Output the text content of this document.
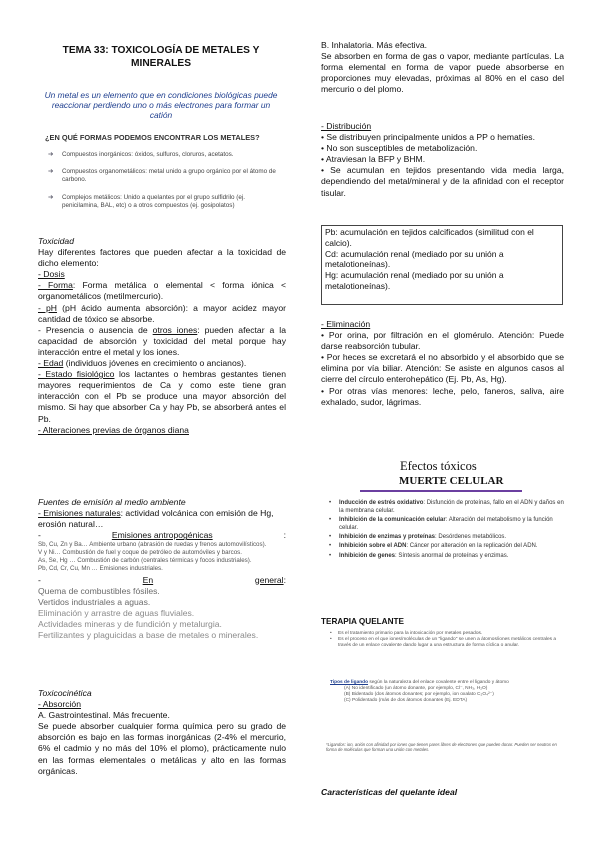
TEMA 33: TOXICOLOGÍA DE METALES Y
MINERALES
Un metal es un elemento que en condiciones biológicas puede reaccionar perdiendo uno o más electrones para formar un catión
¿EN QUÉ FORMAS PODEMOS ENCONTRAR LOS METALES?
➔	Compuestos inorgánicos: óxidos, sulfuros, cloruros, acetatos.
➔	Compuestos organometálicos: metal unido a grupo orgánico por el átomo de carbono.
➔	Complejos metálicos: Unido a quelantes por el grupo sulfidrilo (ej. penicilamina, BAL, etc) o a otros compuestos (ej. gosipolatos)
Toxicidad
Hay diferentes factores que pueden afectar a la toxicidad de dicho elemento:
- Dosis
- Forma: Forma metálica o elemental < forma iónica < organometálicos (metilmercurio).
- pH (pH ácido aumenta absorción): a mayor acidez mayor cantidad de tóxico se absorbe.
- Presencia o ausencia de otros iones: pueden afectar a la capacidad de absorción y toxicidad del metal porque hay interacción entre el metal y los iones.
- Edad (individuos jóvenes en crecimiento o ancianos).
- Estado fisiológico los lactantes o hembras gestantes tienen mayores requerimientos de Ca y como este tiene gran interacción con el Pb se produce una mayor absorción del mismo. Si hay que absorber Ca y hay Pb, se absorberá antes el Pb.
- Alteraciones previas de órganos diana
Fuentes de emisión al medio ambiente
- Emisiones naturales: actividad volcánica con emisión de Hg, erosión natural…
-	Emisiones antropogénicas	:
Sb, Cu, Zn y Ba… Ambiente urbano (abrasión de ruedas y frenos automovilísticos).
V y Ni… Combustión de fuel y coque de petróleo de automóviles y barcos.
As, Se, Hg … Combustión de carbón (centrales térmicas y focos industriales).
Pb, Cd, Cr, Cu, Mn … Emisiones industriales.
-	En	general:
Quema de combustibles fósiles.
Vertidos industriales a aguas.
Eliminación y arrastre de aguas fluviales.
Actividades mineras y de fundición y metalurgia.
Fertilizantes y plaguicidas a base de metales o minerales.
Toxicocinética
- Absorción
A. Gastrointestinal. Más frecuente.
Se puede absorber cualquier forma química pero su grado de absorción es bajo en las formas inorgánicas (2-4% el mercurio, 6% el cadmio y no más del 10% el plomo), prácticamente nulo en las formas elementales o metálicas y alto en las formas orgánicas.
B. Inhalatoria. Más efectiva.
Se absorben en forma de gas o vapor, mediante partículas. La forma elemental en forma de vapor puede absorberse en proporciones muy elevadas, próximas al 80% en el caso del mercurio o del plomo.
- Distribución
• Se distribuyen principalmente unidos a PP o hematíes.
• No son susceptibles de metabolización.
• Atraviesan la BFP y BHM.
• Se acumulan en tejidos presentando vida media larga, dependiendo del metal/mineral y de la afinidad con el receptor tisular.
Pb: acumulación en tejidos calcificados (similitud con el calcio).
Cd: acumulación renal (mediado por su unión a metalotioneínas).
Hg: acumulación renal (mediado por su unión a metalotioneínas).
- Eliminación
• Por orina, por filtración en el glomérulo. Atención: Puede darse reabsorción tubular.
• Por heces se excretará el no absorbido y el absorbido que se elimina por vía biliar. Atención: Se asiste en algunos casos al cierre del círculo enterohepático (Ej. Pb, As, Hg).
• Por otras vías menores: leche, pelo, faneros, saliva, aire exhalado, sudor, lágrimas.
Efectos tóxicos
MUERTE CELULAR
• Inducción de estrés oxidativo: Disfunción de proteínas, fallo en el ADN y daños en la membrana celular.
• Inhibición de la comunicación celular: Alteración del metabolismo y la función celular.
• Inhibición de enzimas y proteínas: Desórdenes metabólicos.
• Inhibición sobre el ADN: Cáncer por alteración en la replicación del ADN.
• Inhibición de genes: Síntesis anormal de proteínas y enzimas.
TERAPIA QUELANTE
• Es el tratamiento primario para la intoxicación por metales pesados.
• Es el proceso en el que iones/moléculas de un "ligando" se unen a átomos/iones metálicos centrales a través de un enlace covalente dando lugar a una estructura de forma cíclica o anular.
Tipos de ligando según la naturaleza del enlace covalente entre el ligando y átomo
(A) No identificado (un átomo donante, por ejemplo, Cl⁻, NH₃, H₂O)
(B) Bidentado (dos átomos donantes; por ejemplo, ion oxalato C₂O₄²⁻)
(C) Polidentado (más de dos átomos donantes (Ej. EDTA)
*Ligandos: ion, anión con afinidad por iones que tienen pares libres de electrones que pueden donar. Pueden ser neutros en forma de moléculas que forman una unión con metales.
Características del quelante ideal
